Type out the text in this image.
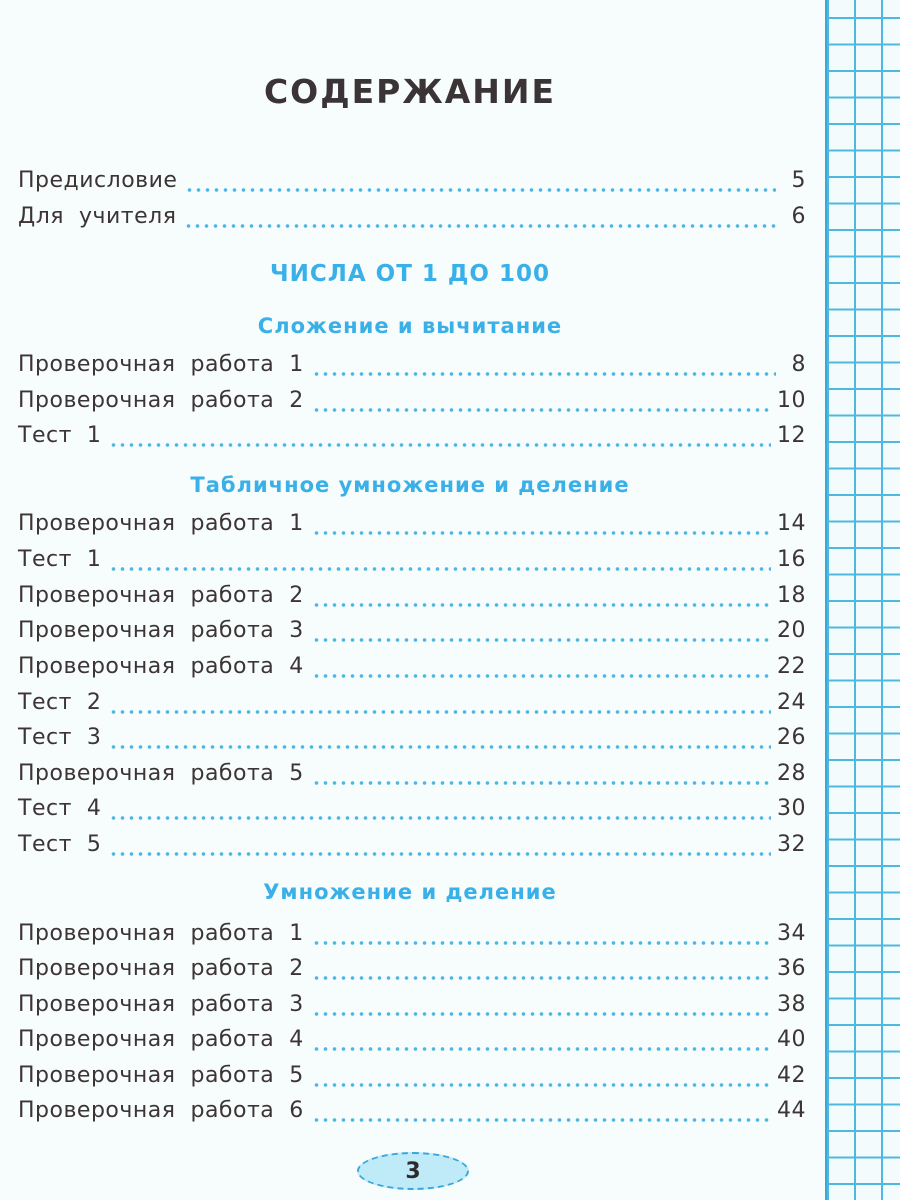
СОДЕРЖАНИЕ
Предисловие	5
Для  учителя	6
ЧИСЛА ОТ 1 ДО 100
Сложение и вычитание
Проверочная  работа  1	8
Проверочная  работа  2	10
Тест  1	12
Табличное умножение и деление
Проверочная  работа  1	14
Тест  1	16
Проверочная  работа  2	18
Проверочная  работа  3	20
Проверочная  работа  4	22
Тест  2	24
Тест  3	26
Проверочная  работа  5	28
Тест  4	30
Тест  5	32
Умножение и деление
Проверочная  работа  1	34
Проверочная  работа  2	36
Проверочная  работа  3	38
Проверочная  работа  4	40
Проверочная  работа  5	42
Проверочная  работа  6	44
3
